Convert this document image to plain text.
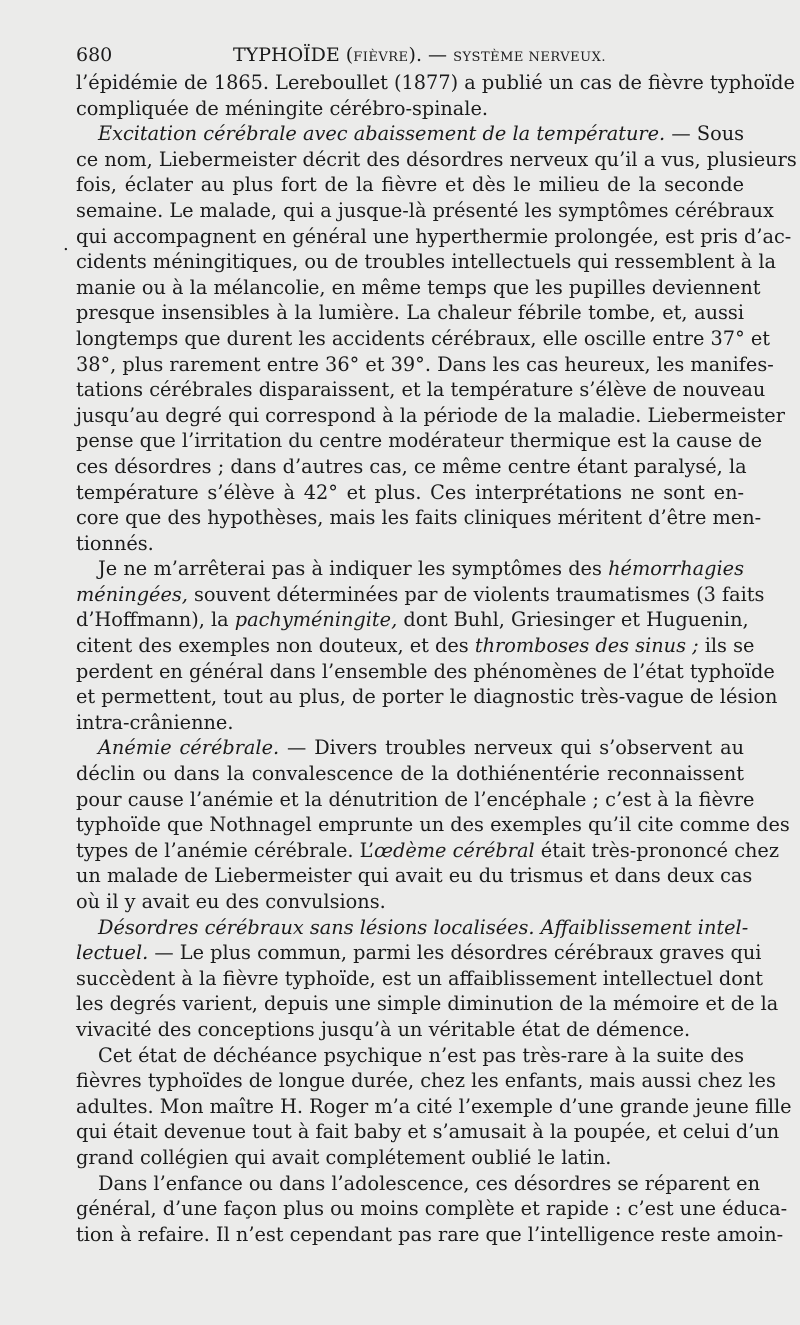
680	TYPHOÏDE (FIÈVRE). — SYSTÈME NERVEUX.
.
l’épidémie de 1865. Lereboullet (1877) a publié un cas de fièvre typhoïde
compliquée de méningite cérébro-spinale.
Excitation cérébrale avec abaissement de la température. — Sous
ce nom, Liebermeister décrit des désordres nerveux qu’il a vus, plusieurs
fois, éclater au plus fort de la fièvre et dès le milieu de la seconde
semaine. Le malade, qui a jusque-là présenté les symptômes cérébraux
qui accompagnent en général une hyperthermie prolongée, est pris d’ac-
cidents méningitiques, ou de troubles intellectuels qui ressemblent à la
manie ou à la mélancolie, en même temps que les pupilles deviennent
presque insensibles à la lumière. La chaleur fébrile tombe, et, aussi
longtemps que durent les accidents cérébraux, elle oscille entre 37° et
38°, plus rarement entre 36° et 39°. Dans les cas heureux, les manifes-
tations cérébrales disparaissent, et la température s’élève de nouveau
jusqu’au degré qui correspond à la période de la maladie. Liebermeister
pense que l’irritation du centre modérateur thermique est la cause de
ces désordres ; dans d’autres cas, ce même centre étant paralysé, la
température s’élève à 42° et plus. Ces interprétations ne sont en-
core que des hypothèses, mais les faits cliniques méritent d’être men-
tionnés.
Je ne m’arrêterai pas à indiquer les symptômes des hémorrhagies
méningées, souvent déterminées par de violents traumatismes (3 faits
d’Hoffmann), la pachyméningite, dont Buhl, Griesinger et Huguenin,
citent des exemples non douteux, et des thromboses des sinus ; ils se
perdent en général dans l’ensemble des phénomènes de l’état typhoïde
et permettent, tout au plus, de porter le diagnostic très-vague de lésion
intra-crânienne.
Anémie cérébrale. — Divers troubles nerveux qui s’observent au
déclin ou dans la convalescence de la dothiénentérie reconnaissent
pour cause l’anémie et la dénutrition de l’encéphale ; c’est à la fièvre
typhoïde que Nothnagel emprunte un des exemples qu’il cite comme des
types de l’anémie cérébrale. L’œdème cérébral était très-prononcé chez
un malade de Liebermeister qui avait eu du trismus et dans deux cas
où il y avait eu des convulsions.
Désordres cérébraux sans lésions localisées. Affaiblissement intel-
lectuel. — Le plus commun, parmi les désordres cérébraux graves qui
succèdent à la fièvre typhoïde, est un affaiblissement intellectuel dont
les degrés varient, depuis une simple diminution de la mémoire et de la
vivacité des conceptions jusqu’à un véritable état de démence.
Cet état de déchéance psychique n’est pas très-rare à la suite des
fièvres typhoïdes de longue durée, chez les enfants, mais aussi chez les
adultes. Mon maître H. Roger m’a cité l’exemple d’une grande jeune fille
qui était devenue tout à fait baby et s’amusait à la poupée, et celui d’un
grand collégien qui avait complétement oublié le latin.
Dans l’enfance ou dans l’adolescence, ces désordres se réparent en
général, d’une façon plus ou moins complète et rapide : c’est une éduca-
tion à refaire. Il n’est cependant pas rare que l’intelligence reste amoin-
